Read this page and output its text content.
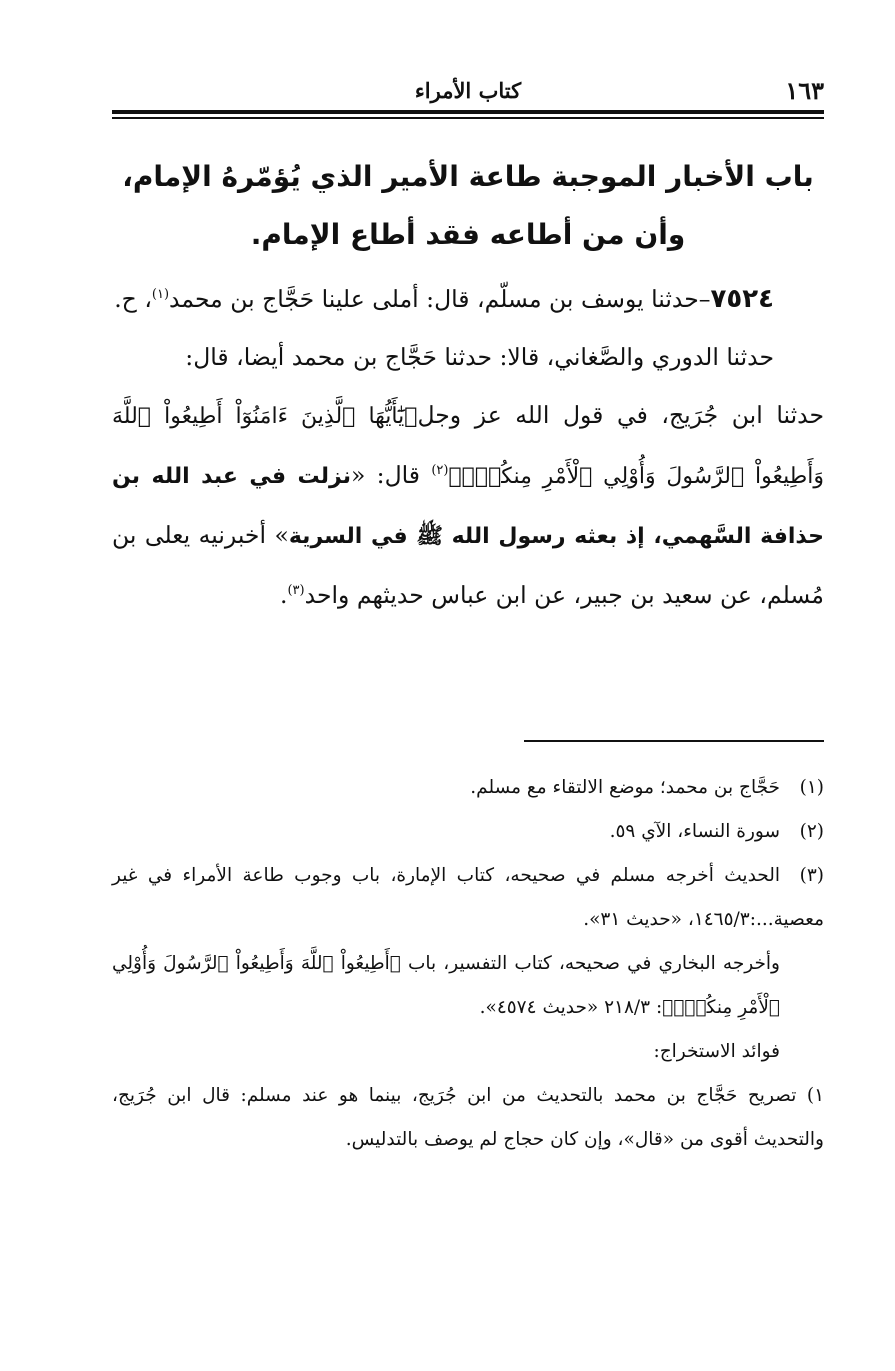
١٦٣
كتاب الأمراء
باب الأخبار الموجبة طاعة الأمير الذي يُؤمّرهُ الإمام، وأن من أطاعه فقد أطاع الإمام.

٧٥٢٤–حدثنا يوسف بن مسلّم، قال: أملى علينا حَجَّاج بن محمد$^{(١)}$، ح.

حدثنا الدوري والصَّغاني، قالا: حدثنا حَجَّاج بن محمد أيضا، قال:

حدثنا ابن جُرَيج، في قول الله عز وجل﴿يَٰٓأَيُّهَا ٱلَّذِينَ ءَامَنُوٓاْ أَطِيعُواْ ٱللَّهَ وَأَطِيعُواْ ٱلرَّسُولَ وَأُوْلِي ٱلْأَمْرِ مِنكُمْۖ﴾$^{(٢)}$ قال: «نزلت في عبد الله بن حذافة السَّهمي، إذ بعثه رسول الله ﷺ في السرية» أخبرنيه يعلى بن مُسلم، عن سعيد بن جبير، عن ابن عباس حديثهم واحد$^{(٣)}$.

(١)حَجَّاج بن محمد؛ موضع الالتقاء مع مسلم.

(٢)سورة النساء، الآي ٥٩.

(٣)الحديث أخرجه مسلم في صحيحه، كتاب الإمارة، باب وجوب طاعة الأمراء في غير معصية...:١٤٦٥/٣، «حديث ٣١».

وأخرجه البخاري في صحيحه، كتاب التفسير، باب ﴿أَطِيعُواْ ٱللَّهَ وَأَطِيعُواْ ٱلرَّسُولَ وَأُوْلِي ٱلْأَمْرِ مِنكُمْۖ﴾: ٢١٨/٣ «حديث ٤٥٧٤».

فوائد الاستخراج:

١) تصريح حَجَّاج بن محمد بالتحديث من ابن جُرَيج، بينما هو عند مسلم: قال ابن جُرَيج، والتحديث أقوى من «قال»، وإن كان حجاج لم يوصف بالتدليس.
